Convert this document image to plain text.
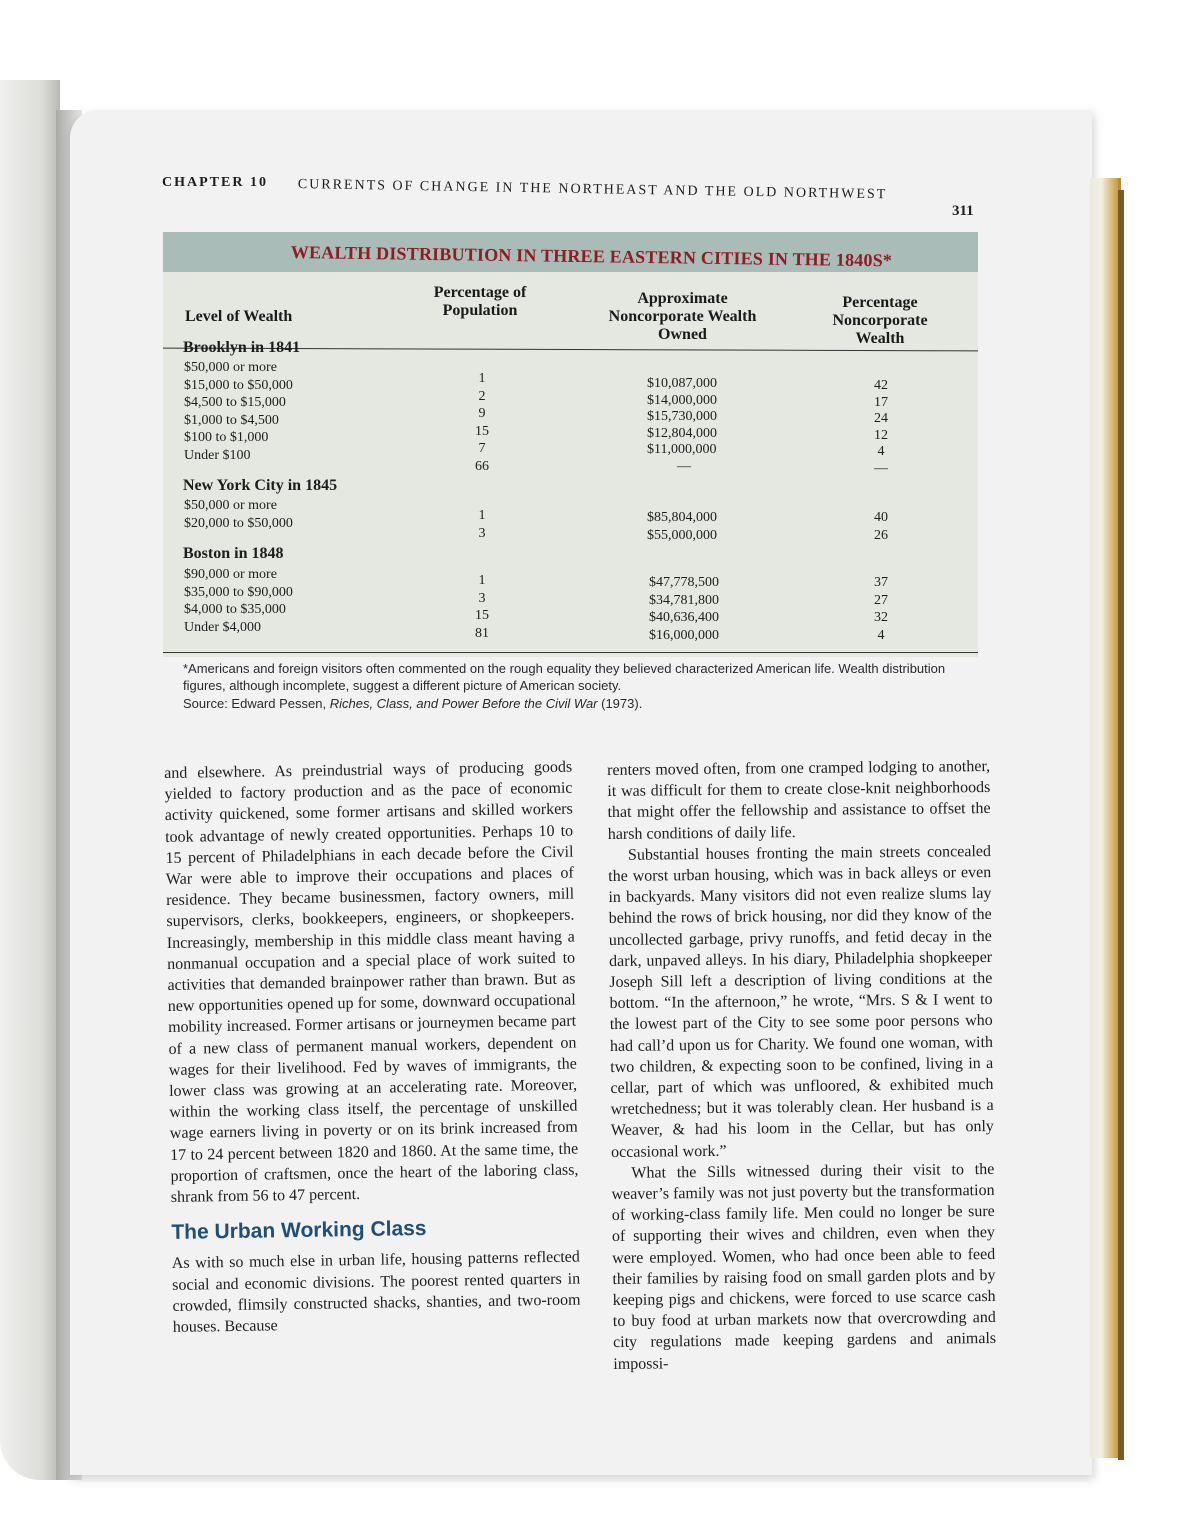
CHAPTER 10 CURRENTS OF CHANGE IN THE NORTHEAST AND THE OLD NORTHWEST
311
WEALTH DISTRIBUTION IN THREE EASTERN CITIES IN THE 1840S*
Level of Wealth
Percentage of Population
Approximate Noncorporate Wealth Owned
Percentage Noncorporate Wealth
Brooklyn in 1841
$50,000 or more
$15,000 to $50,000
$4,500 to $15,000
$1,000 to $4,500
$100 to $1,000
Under $100
1
2
9
15
7
66
$10,087,000
$14,000,000
$15,730,000
$12,804,000
$11,000,000
—
42
17
24
12
4
—
New York City in 1845
$50,000 or more
$20,000 to $50,000	1
3
$85,804,000
$55,000,000
40
26
Boston in 1848
$90,000 or more
$35,000 to $90,000
$4,000 to $35,000
Under $4,000
1
3
15
81
$47,778,500
$34,781,800
$40,636,400
$16,000,000
37
27
32
4

*Americans and foreign visitors often commented on the rough equality they believed characterized American life. Wealth distribution figures, although incomplete, suggest a different picture of American society.

Source: Edward Pessen, Riches, Class, and Power Before the Civil War (1973).

and elsewhere. As preindustrial ways of producing goods yielded to factory production and as the pace of economic activity quickened, some former artisans and skilled workers took advantage of newly created opportunities. Perhaps 10 to 15 percent of Philadelphians in each decade before the Civil War were able to improve their occupations and places of residence. They became businessmen, factory owners, mill supervisors, clerks, bookkeepers, engineers, or shopkeepers. Increasingly, membership in this middle class meant having a nonmanual occupation and a special place of work suited to activities that demanded brainpower rather than brawn. But as new opportunities opened up for some, downward occupational mobility increased. Former artisans or journeymen became part of a new class of permanent manual workers, dependent on wages for their livelihood. Fed by waves of immigrants, the lower class was growing at an accelerating rate. Moreover, within the working class itself, the percentage of unskilled wage earners living in poverty or on its brink increased from 17 to 24 percent between 1820 and 1860. At the same time, the proportion of craftsmen, once the heart of the laboring class, shrank from 56 to 47 percent.

The Urban Working Class

As with so much else in urban life, housing patterns reflected social and economic divisions. The poorest rented quarters in crowded, flimsily constructed shacks, shanties, and two-room houses. Because

renters moved often, from one cramped lodging to another, it was difficult for them to create close-knit neighborhoods that might offer the fellowship and assistance to offset the harsh conditions of daily life.

Substantial houses fronting the main streets concealed the worst urban housing, which was in back alleys or even in backyards. Many visitors did not even realize slums lay behind the rows of brick housing, nor did they know of the uncollected garbage, privy runoffs, and fetid decay in the dark, unpaved alleys. In his diary, Philadelphia shopkeeper Joseph Sill left a description of living conditions at the bottom. “In the afternoon,” he wrote, “Mrs. S & I went to the lowest part of the City to see some poor persons who had call’d upon us for Charity. We found one woman, with two children, & expecting soon to be confined, living in a cellar, part of which was unfloored, & exhibited much wretchedness; but it was tolerably clean. Her husband is a Weaver, & had his loom in the Cellar, but has only occasional work.”

What the Sills witnessed during their visit to the weaver’s family was not just poverty but the transformation of working-class family life. Men could no longer be sure of supporting their wives and children, even when they were employed. Women, who had once been able to feed their families by raising food on small garden plots and by keeping pigs and chickens, were forced to use scarce cash to buy food at urban markets now that overcrowding and city regulations made keeping gardens and animals impossi-
